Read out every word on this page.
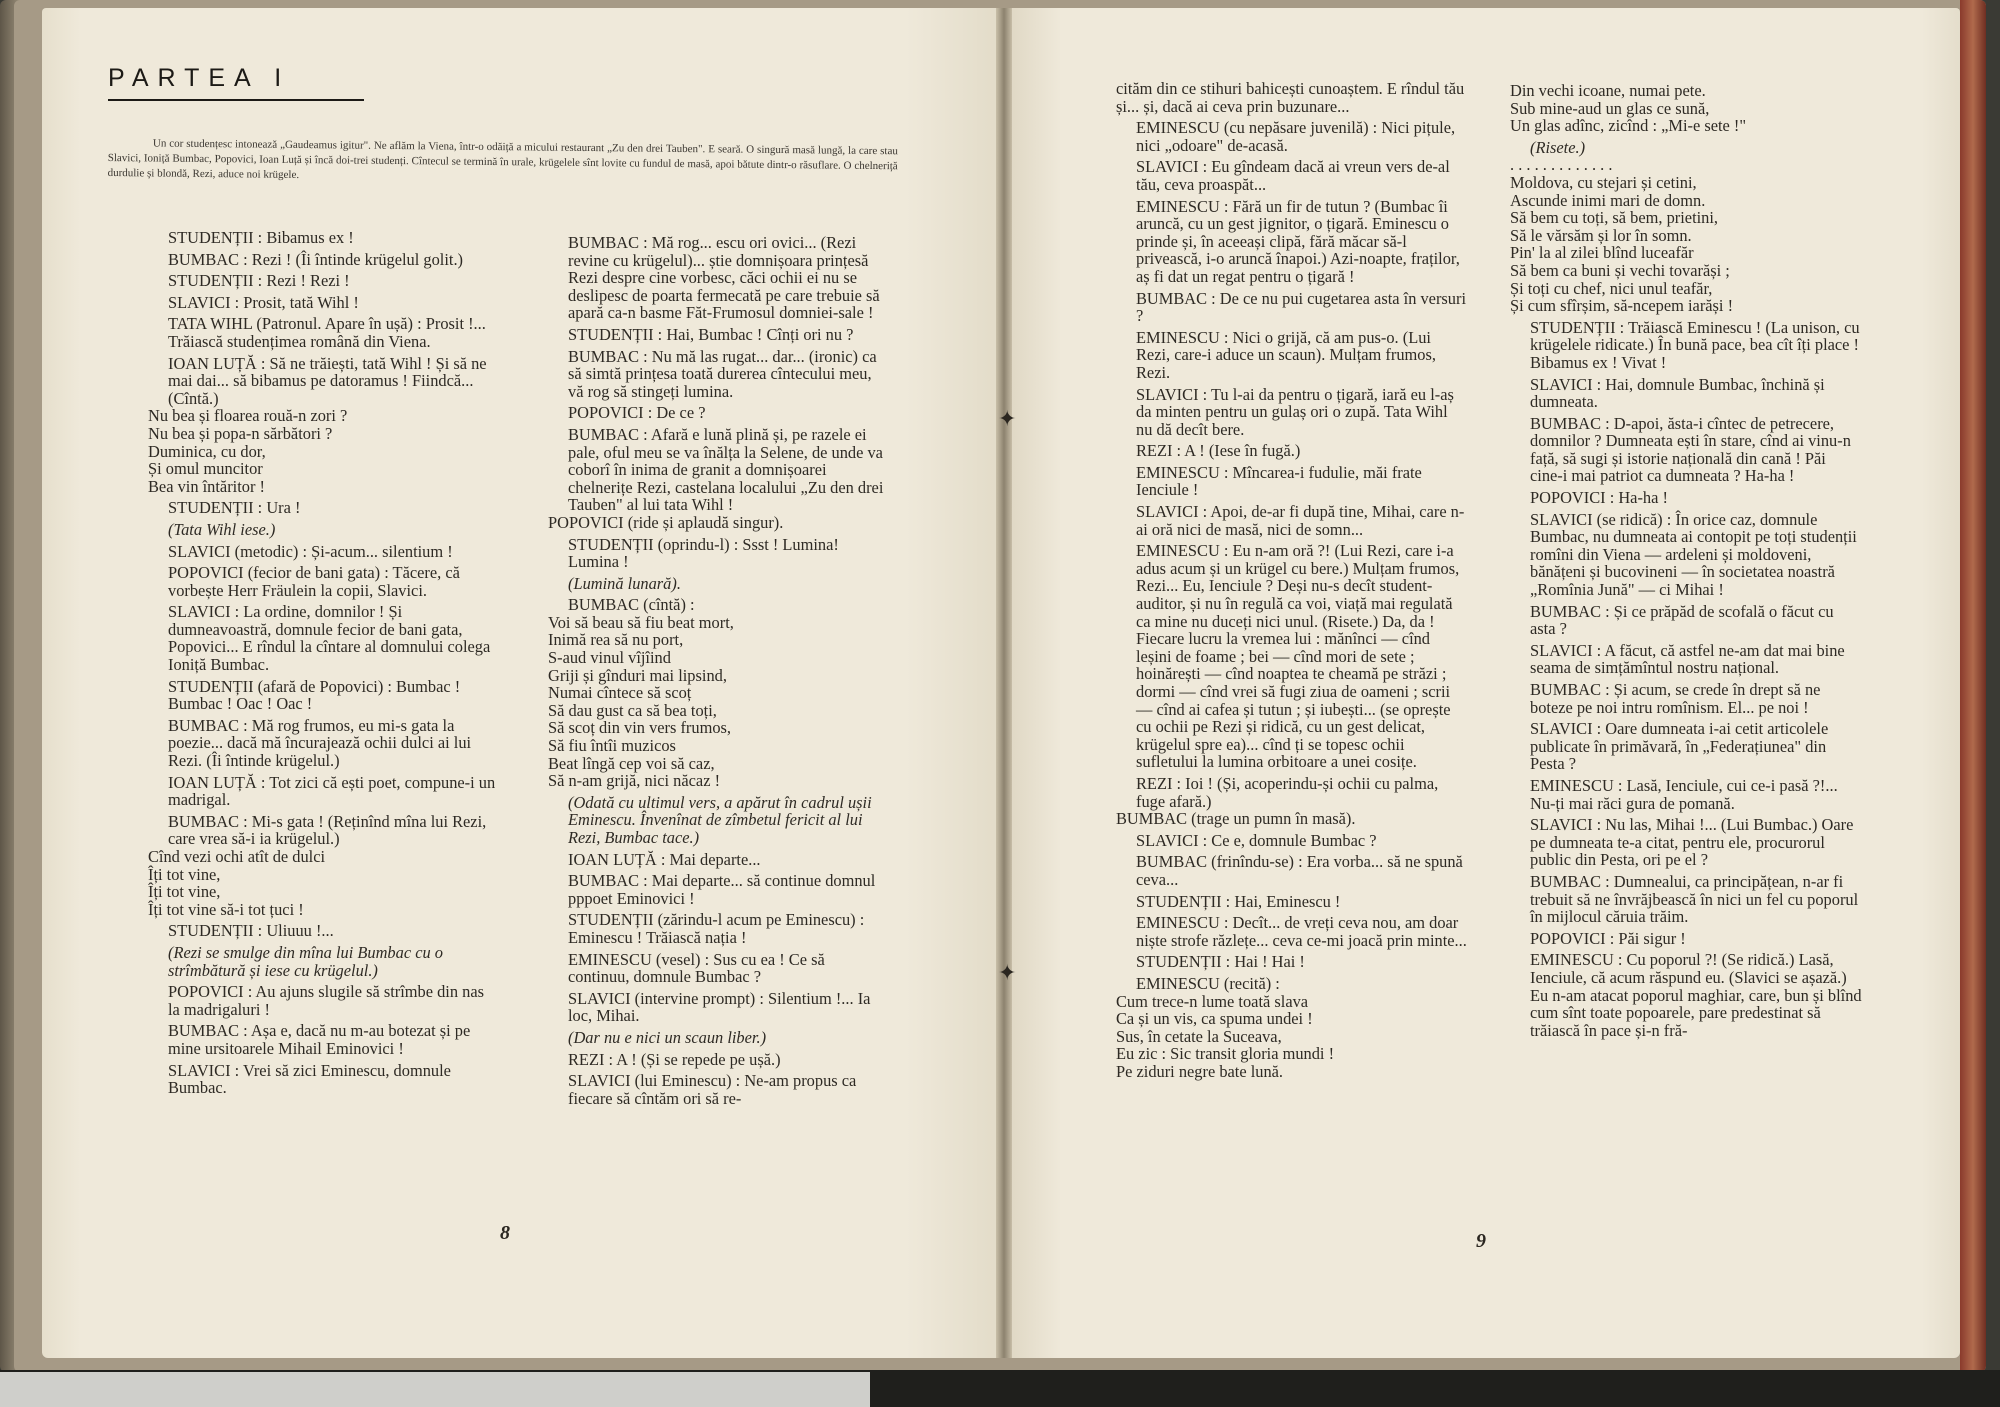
✦
✦
PARTEA I
Un cor studențesc intonează „Gaudeamus igitur". Ne aflăm la Viena, într-o odăiță a micului restaurant „Zu den drei Tauben". E seară. O singură masă lungă, la care stau Slavici, Ioniță Bumbac, Popovici, Ioan Luță și încă doi-trei studenți. Cîntecul se termină în urale, krügelele sînt lovite cu fundul de masă, apoi bătute dintr-o răsuflare. O chelneriță durdulie și blondă, Rezi, aduce noi krügele.

STUDENȚII : Bibamus ex !

BUMBAC : Rezi ! (Îi întinde krügelul golit.)

STUDENȚII : Rezi ! Rezi !

SLAVICI : Prosit, tată Wihl !

TATA WIHL (Patronul. Apare în ușă) : Prosit !... Trăiască studențimea română din Viena.

IOAN LUȚĂ : Să ne trăiești, tată Wihl ! Și să ne mai dai... să bibamus pe datoramus ! Fiindcă... (Cîntă.)

Nu bea și floarea rouă-n zori ?

Nu bea și popa-n sărbători ?

Duminica, cu dor,

Și omul muncitor

Bea vin întăritor !

STUDENȚII : Ura !

(Tata Wihl iese.)

SLAVICI (metodic) : Și-acum... silentium !

POPOVICI (fecior de bani gata) : Tăcere, că vorbește Herr Fräulein la copii, Slavici.

SLAVICI : La ordine, domnilor ! Și dumneavoastră, domnule fecior de bani gata, Popovici... E rîndul la cîntare al domnului colega Ioniță Bumbac.

STUDENȚII (afară de Popovici) : Bumbac ! Bumbac ! Oac ! Oac !

BUMBAC : Mă rog frumos, eu mi-s gata la poezie... dacă mă încurajează ochii dulci ai lui Rezi. (Îi întinde krügelul.)

IOAN LUȚĂ : Tot zici că ești poet, compune-i un madrigal.

BUMBAC : Mi-s gata ! (Reținînd mîna lui Rezi, care vrea să-i ia krügelul.)

Cînd vezi ochi atît de dulci

Îți tot vine,

Îți tot vine,

Îți tot vine să-i tot țuci !

STUDENȚII : Uliuuu !...

(Rezi se smulge din mîna lui Bumbac cu o strîmbătură și iese cu krügelul.)

POPOVICI : Au ajuns slugile să strîmbe din nas la madrigaluri !

BUMBAC : Așa e, dacă nu m-au botezat și pe mine ursitoarele Mihail Eminovici !

SLAVICI : Vrei să zici Eminescu, domnule Bumbac.

BUMBAC : Mă rog... escu ori ovici... (Rezi revine cu krügelul)... știe domnișoara prințesă Rezi despre cine vorbesc, căci ochii ei nu se deslipesc de poarta fermecată pe care trebuie să apară ca-n basme Făt-Frumosul domniei-sale !

STUDENȚII : Hai, Bumbac ! Cînți ori nu ?

BUMBAC : Nu mă las rugat... dar... (ironic) ca să simtă prințesa toată durerea cîntecului meu, vă rog să stingeți lumina.

POPOVICI : De ce ?

BUMBAC : Afară e lună plină și, pe razele ei pale, oful meu se va înălța la Selene, de unde va coborî în inima de granit a domnișoarei chelnerițe Rezi, castelana localului „Zu den drei Tauben" al lui tata Wihl !

POPOVICI (ride și aplaudă singur).

STUDENȚII (oprindu-l) : Ssst ! Lumina! Lumina !

(Lumină lunară).

BUMBAC (cîntă) :

Voi să beau să fiu beat mort,

Inimă rea să nu port,

S-aud vinul vîjîind

Griji și gînduri mai lipsind,

Numai cîntece să scoț

Să dau gust ca să bea toți,

Să scoț din vin vers frumos,

Să fiu întîi muzicos

Beat lîngă cep voi să caz,

Să n-am grijă, nici năcaz !

(Odată cu ultimul vers, a apărut în cadrul ușii Eminescu. Învenînat de zîmbetul fericit al lui Rezi, Bumbac tace.)

IOAN LUȚĂ : Mai departe...

BUMBAC : Mai departe... să continue domnul pppoet Eminovici !

STUDENȚII (zărindu-l acum pe Eminescu) : Eminescu ! Trăiască nația !

EMINESCU (vesel) : Sus cu ea ! Ce să continuu, domnule Bumbac ?

SLAVICI (intervine prompt) : Silentium !... Ia loc, Mihai.

(Dar nu e nici un scaun liber.)

REZI : A ! (Și se repede pe ușă.)

SLAVICI (lui Eminescu) : Ne-am propus ca fiecare să cîntăm ori să re-

cităm din ce stihuri bahicești cunoaștem. E rîndul tău și... și, dacă ai ceva prin buzunare...

EMINESCU (cu nepăsare juvenilă) : Nici pițule, nici „odoare" de-acasă.

SLAVICI : Eu gîndeam dacă ai vreun vers de-al tău, ceva proaspăt...

EMINESCU : Fără un fir de tutun ? (Bumbac îi aruncă, cu un gest jignitor, o țigară. Eminescu o prinde și, în aceeași clipă, fără măcar să-l privească, i-o aruncă înapoi.) Azi-noapte, fraților, aș fi dat un regat pentru o țigară !

BUMBAC : De ce nu pui cugetarea asta în versuri ?

EMINESCU : Nici o grijă, că am pus-o. (Lui Rezi, care-i aduce un scaun). Mulțam frumos, Rezi.

SLAVICI : Tu l-ai da pentru o țigară, iară eu l-aș da minten pentru un gulaș ori o zupă. Tata Wihl nu dă decît bere.

REZI : A ! (Iese în fugă.)

EMINESCU : Mîncarea-i fudulie, măi frate Ienciule !

SLAVICI : Apoi, de-ar fi după tine, Mihai, care n-ai oră nici de masă, nici de somn...

EMINESCU : Eu n-am oră ?! (Lui Rezi, care i-a adus acum și un krügel cu bere.) Mulțam frumos, Rezi... Eu, Ienciule ? Deși nu-s decît student-auditor, și nu în regulă ca voi, viață mai regulată ca mine nu duceți nici unul. (Risete.) Da, da ! Fiecare lucru la vremea lui : mănînci — cînd leșini de foame ; bei — cînd mori de sete ; hoinărești — cînd noaptea te cheamă pe străzi ; dormi — cînd vrei să fugi ziua de oameni ; scrii — cînd ai cafea și tutun ; și iubești... (se oprește cu ochii pe Rezi și ridică, cu un gest delicat, krügelul spre ea)... cînd ți se topesc ochii sufletului la lumina orbitoare a unei cosițe.

REZI : Ioi ! (Și, acoperindu-și ochii cu palma, fuge afară.)

BUMBAC (trage un pumn în masă).

SLAVICI : Ce e, domnule Bumbac ?

BUMBAC (frinîndu-se) : Era vorba... să ne spună ceva...

STUDENȚII : Hai, Eminescu !

EMINESCU : Decît... de vreți ceva nou, am doar niște strofe răzlețe... ceva ce-mi joacă prin minte...

STUDENȚII : Hai ! Hai !

EMINESCU (recită) :

Cum trece-n lume toată slava

Ca și un vis, ca spuma undei !

Sus, în cetate la Suceava,

Eu zic : Sic transit gloria mundi !

Pe ziduri negre bate lună.

Din vechi icoane, numai pete.

Sub mine-aud un glas ce sună,

Un glas adînc, zicînd : „Mi-e sete !"

(Risete.)

. . . . . . . . . . . . .

Moldova, cu stejari și cetini,

Ascunde inimi mari de domn.

Să bem cu toți, să bem, prietini,

Să le vărsăm și lor în somn.

Pin' la al zilei blînd luceafăr

Să bem ca buni și vechi tovarăși ;

Și toți cu chef, nici unul teafăr,

Și cum sfîrșim, să-ncepem iarăși !

STUDENȚII : Trăiască Eminescu ! (La unison, cu krügelele ridicate.) În bună pace, bea cît îți place ! Bibamus ex ! Vivat !

SLAVICI : Hai, domnule Bumbac, închină și dumneata.

BUMBAC : D-apoi, ăsta-i cîntec de petrecere, domnilor ? Dumneata ești în stare, cînd ai vinu-n față, să sugi și istorie națională din cană ! Păi cine-i mai patriot ca dumneata ? Ha-ha !

POPOVICI : Ha-ha !

SLAVICI (se ridică) : În orice caz, domnule Bumbac, nu dumneata ai contopit pe toți studenții romîni din Viena — ardeleni și moldoveni, bănățeni și bucovineni — în societatea noastră „Romînia Jună" — ci Mihai !

BUMBAC : Și ce prăpăd de scofală o făcut cu asta ?

SLAVICI : A făcut, că astfel ne-am dat mai bine seama de simțămîntul nostru național.

BUMBAC : Și acum, se crede în drept să ne boteze pe noi intru romînism. El... pe noi !

SLAVICI : Oare dumneata i-ai cetit articolele publicate în primăvară, în „Federațiunea" din Pesta ?

EMINESCU : Lasă, Ienciule, cui ce-i pasă ?!... Nu-ți mai răci gura de pomană.

SLAVICI : Nu las, Mihai !... (Lui Bumbac.) Oare pe dumneata te-a citat, pentru ele, procurorul public din Pesta, ori pe el ?

BUMBAC : Dumnealui, ca principățean, n-ar fi trebuit să ne învrăjbească în nici un fel cu poporul în mijlocul căruia trăim.

POPOVICI : Păi sigur !

EMINESCU : Cu poporul ?! (Se ridică.) Lasă, Ienciule, că acum răspund eu. (Slavici se așază.) Eu n-am atacat poporul maghiar, care, bun și blînd cum sînt toate popoarele, pare predestinat să trăiască în pace și-n fră-

8	9
